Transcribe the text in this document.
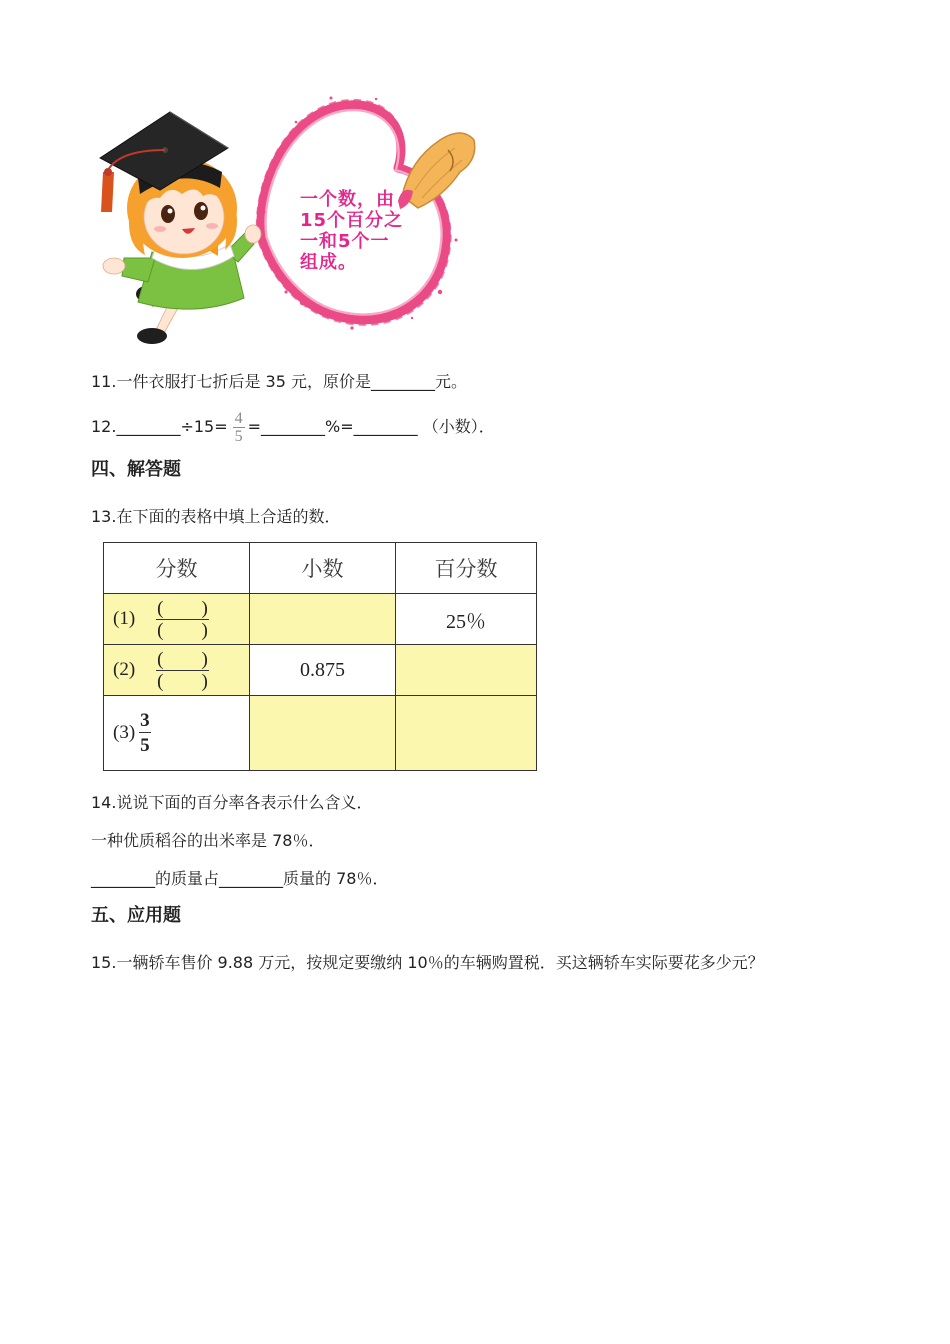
一个数，由
15个百分之
一和5个一
组成。
11.一件衣服打七折后是 35 元，原价是________元。
12.________÷15= $\frac{4}{5}$ =________%=________ （小数）．
四、解答题
13.在下面的表格中填上合适的数．
分数	小数	百分数

$(1) \frac{( )}{( )}$		25％

$(2) \frac{( )}{( )}$	0.875	

$(3) \frac{3}{5}$

14.说说下面的百分率各表示什么含义．
一种优质稻谷的出米率是 78％．
________的质量占________质量的 78％．
五、应用题
15.一辆轿车售价 9.88 万元，按规定要缴纳 10％的车辆购置税．买这辆轿车实际要花多少元？
